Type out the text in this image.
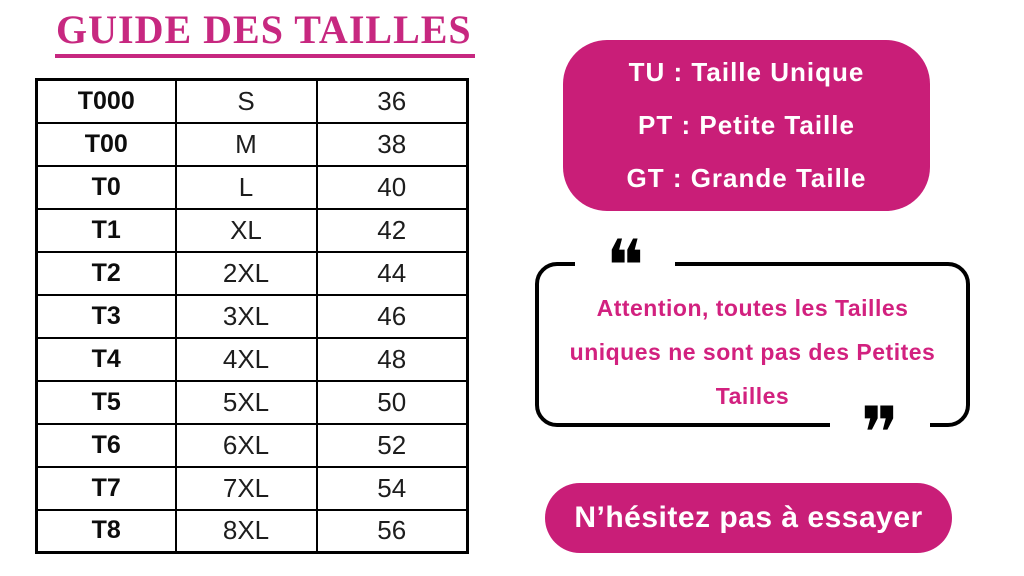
GUIDE DES TAILLES
T000	S	36
T00	M	38
T0	L	40
T1	XL	42
T2	2XL	44
T3	3XL	46
T4	4XL	48
T5	5XL	50
T6	6XL	52
T7	7XL	54
T8	8XL	56
TU : Taille Unique
PT : Petite Taille
GT : Grande Taille
❝
❞
Attention, toutes les Tailles
uniques ne sont pas des Petites
Tailles
N’hésitez pas à essayer
